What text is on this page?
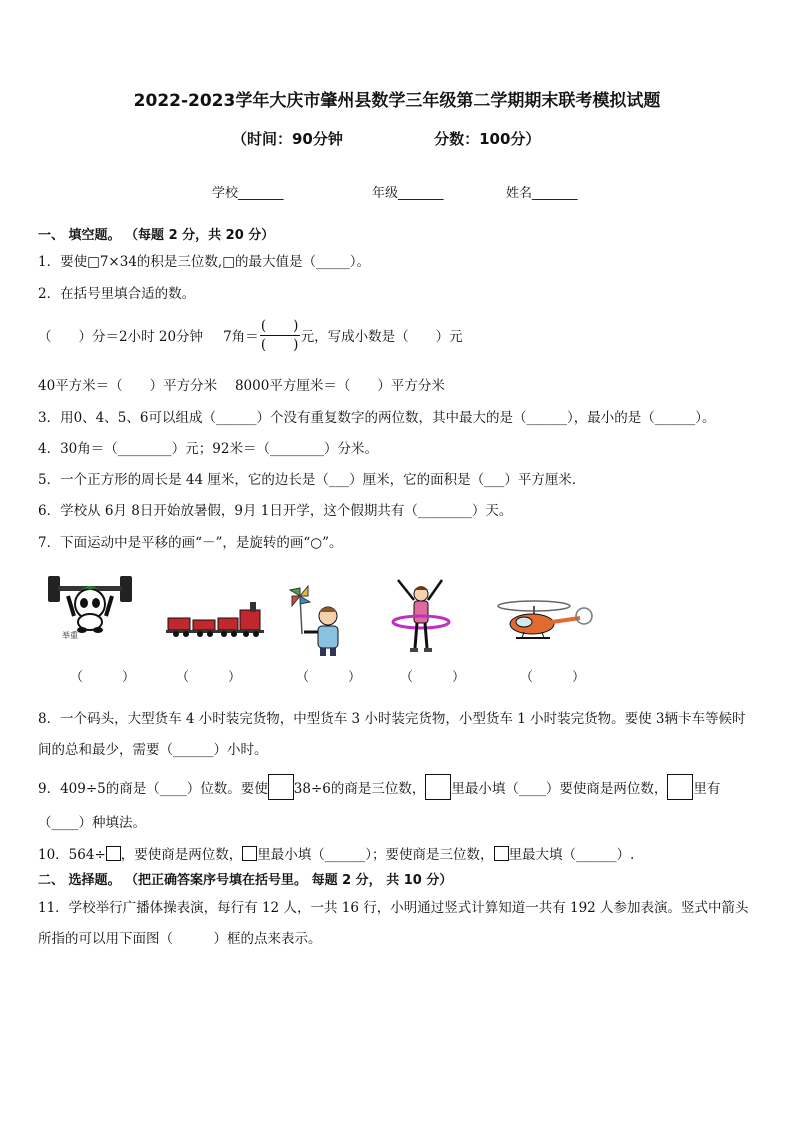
2022-2023学年大庆市肇州县数学三年级第二学期期末联考模拟试题
（时间：90分钟	分数：100分）
学校_______	年级_______	姓名_______
一、 填空题。 （每题 2 分，共 20 分）
1．要使□7×34的积是三位数,□的最大值是（_____）。
2．在括号里填合适的数。
（　　）分＝2小时 20分钟 7角＝ $\frac{( )}{( )}$ 元，写成小数是（　　）元
40平方米＝（　　）平方分米　 8000平方厘米＝（　　）平方分米
3．用0、4、5、6可以组成（______）个没有重复数字的两位数，其中最大的是（______），最小的是（______）。
4．30角＝（________）元；92米＝（________）分米。
5．一个正方形的周长是 44 厘米，它的边长是（___）厘米，它的面积是（___）平方厘米．
6．学校从 6月 8日开始放暑假，9月 1日开学，这个假期共有（________）天。
7．下面运动中是平移的画“－”，是旋转的画“○”。
举重
（　　　）	（　　　）	（　　　）	（　　　）	（　　　）
8．一个码头，大型货车 4 小时装完货物，中型货车 3 小时装完货物，小型货车 1 小时装完货物。要使 3辆卡车等候时
间的总和最少，需要（______）小时。
9．409÷5的商是（____）位数。要使 38÷6的商是三位数， 里最小填（____）要使商是两位数， 里有
（____）种填法。
10．564÷ ，要使商是两位数， 里最小填（______）；要使商是三位数， 里最大填（______）.
二、 选择题。 （把正确答案序号填在括号里。 每题 2 分， 共 10 分）
11．学校举行广播体操表演，每行有 12 人，一共 16 行，小明通过竖式计算知道一共有 192 人参加表演。竖式中箭头
所指的可以用下面图（　　　）框的点来表示。
